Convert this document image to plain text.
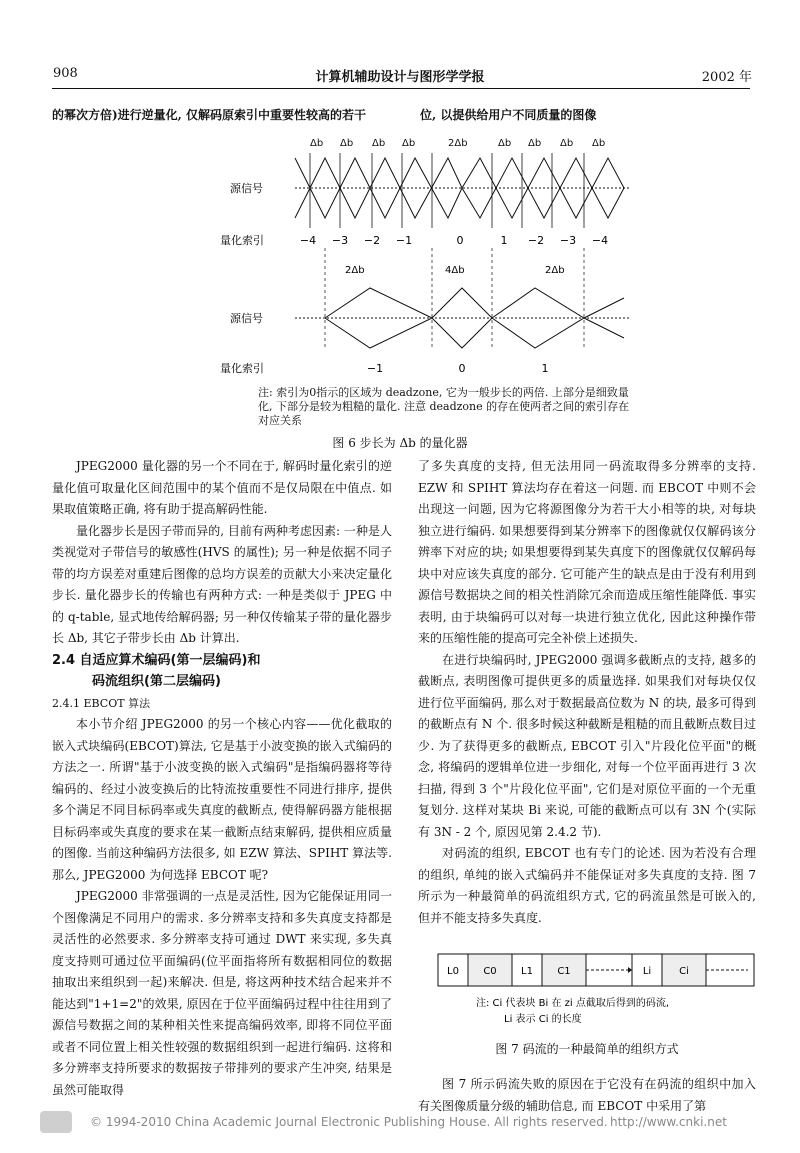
908	计算机辅助设计与图形学学报	2002 年
的幂次方倍)进行逆量化, 仅解码原索引中重要性较高的若干	位, 以提供给用户不同质量的图像
Δb Δb Δb Δb	2Δb	Δb Δb Δb Δb
源信号
量化索引	−4 −3 −2 −1	0	1 −2 −3 −4
2Δb	4Δb	2Δb
源信号
量化索引	−1	0	1
注: 索引为0指示的区域为 deadzone, 它为一般步长的两倍. 上部分是细致量化, 下部分是较为粗糙的量化. 注意 deadzone 的存在使两者之间的索引存在对应关系
图 6 步长为 Δb 的量化器

JPEG2000 量化器的另一个不同在于, 解码时量化索引的逆量化值可取量化区间范围中的某个值而不是仅局限在中值点. 如果取值策略正确, 将有助于提高解码性能.

量化器步长是因子带而异的, 目前有两种考虑因素: 一种是人类视觉对子带信号的敏感性(HVS 的属性); 另一种是依据不同子带的均方误差对重建后图像的总均方误差的贡献大小来决定量化步长. 量化器步长的传输也有两种方式: 一种是类似于 JPEG 中的 q-table, 显式地传给解码器; 另一种仅传输某子带的量化器步长 Δb, 其它子带步长由 Δb 计算出.

2.4 自适应算术编码(第一层编码)和

码流组织(第二层编码)

2.4.1 EBCOT 算法

本小节介绍 JPEG2000 的另一个核心内容——优化截取的嵌入式块编码(EBCOT)算法, 它是基于小波变换的嵌入式编码的方法之一. 所谓"基于小波变换的嵌入式编码"是指编码器将等待编码的、经过小波变换后的比特流按重要性不同进行排序, 提供多个满足不同目标码率或失真度的截断点, 使得解码器方能根据目标码率或失真度的要求在某一截断点结束解码, 提供相应质量的图像. 当前这种编码方法很多, 如 EZW 算法、SPIHT 算法等. 那么, JPEG2000 为何选择 EBCOT 呢?

JPEG2000 非常强调的一点是灵活性, 因为它能保证用同一个图像满足不同用户的需求. 多分辨率支持和多失真度支持都是灵活性的必然要求. 多分辨率支持可通过 DWT 来实现, 多失真度支持则可通过位平面编码(位平面指将所有数据相同位的数据抽取出来组织到一起)来解决. 但是, 将这两种技术结合起来并不能达到"1+1=2"的效果, 原因在于位平面编码过程中往往用到了源信号数据之间的某种相关性来提高编码效率, 即将不同位平面或者不同位置上相关性较强的数据组织到一起进行编码. 这将和多分辨率支持所要求的数据按子带排列的要求产生冲突, 结果是虽然可能取得

了多失真度的支持, 但无法用同一码流取得多分辨率的支持. EZW 和 SPIHT 算法均存在着这一问题. 而 EBCOT 中则不会出现这一问题, 因为它将源图像分为若干大小相等的块, 对每块独立进行编码. 如果想要得到某分辨率下的图像就仅仅解码该分辨率下对应的块; 如果想要得到某失真度下的图像就仅仅解码每块中对应该失真度的部分. 它可能产生的缺点是由于没有利用到源信号数据块之间的相关性消除冗余而造成压缩性能降低. 事实表明, 由于块编码可以对每一块进行独立优化, 因此这种操作带来的压缩性能的提高可完全补偿上述损失.

在进行块编码时, JPEG2000 强调多截断点的支持, 越多的截断点, 表明图像可提供更多的质量选择. 如果我们对每块仅仅进行位平面编码, 那么对于数据最高位数为 N 的块, 最多可得到的截断点有 N 个. 很多时候这种截断是粗糙的而且截断点数目过少. 为了获得更多的截断点, EBCOT 引入"片段化位平面"的概念, 将编码的逻辑单位进一步细化, 对每一个位平面再进行 3 次扫描, 得到 3 个"片段化位平面", 它们是对原位平面的一个无重复划分. 这样对某块 Bi 来说, 可能的截断点可以有 3N 个(实际有 3N - 2 个, 原因见第 2.4.2 节).

对码流的组织, EBCOT 也有专门的论述. 因为若没有合理的组织, 单纯的嵌入式编码并不能保证对多失真度的支持. 图 7 所示为一种最简单的码流组织方式, 它的码流虽然是可嵌入的, 但并不能支持多失真度.

L0 C0 L1 C1	Li	Ci
注: Ci 代表块 Bi 在 zi 点截取后得到的码流,
Li 表示 Ci 的长度
图 7 码流的一种最简单的组织方式

图 7 所示码流失败的原因在于它没有在码流的组织中加入有关图像质量分级的辅助信息, 而 EBCOT 中采用了第

© 1994-2010 China Academic Journal Electronic Publishing House. All rights reserved. http://www.cnki.net
